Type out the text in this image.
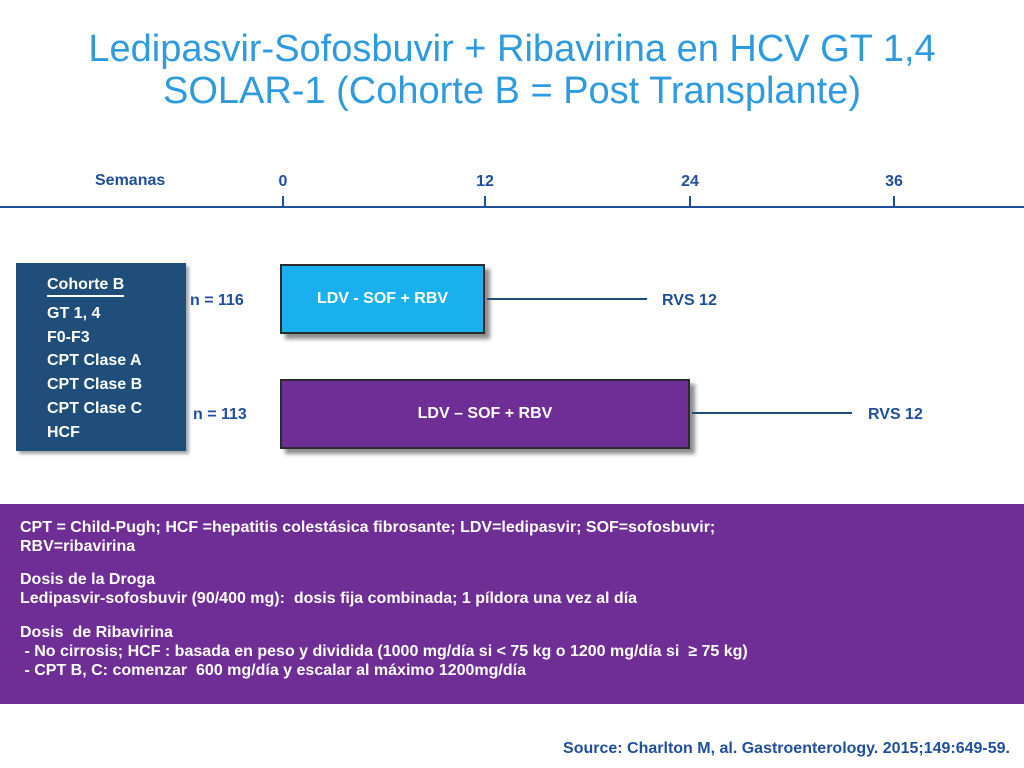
Ledipasvir-Sofosbuvir + Ribavirina en HCV GT 1,4
SOLAR-1 (Cohorte B = Post Transplante)
Semanas	0	12	24	36
Cohorte B
GT 1, 4
F0-F3
CPT Clase A
CPT Clase B
CPT Clase C
HCF
n = 116	LDV - SOF + RBV	RVS 12
n = 113	LDV – SOF + RBV	RVS 12

CPT = Child-Pugh; HCF =hepatitis colestásica fibrosante; LDV=ledipasvir; SOF=sofosbuvir;

RBV=ribavirina

Dosis de la Droga

Ledipasvir-sofosbuvir (90/400 mg):  dosis fija combinada; 1 píldora una vez al día

Dosis  de Ribavirina

- No cirrosis; HCF : basada en peso y dividida (1000 mg/día si < 75 kg o 1200 mg/día si  ≥ 75 kg)

- CPT B, C: comenzar  600 mg/día y escalar al máximo 1200mg/día

Source: Charlton M, al. Gastroenterology. 2015;149:649-59.
